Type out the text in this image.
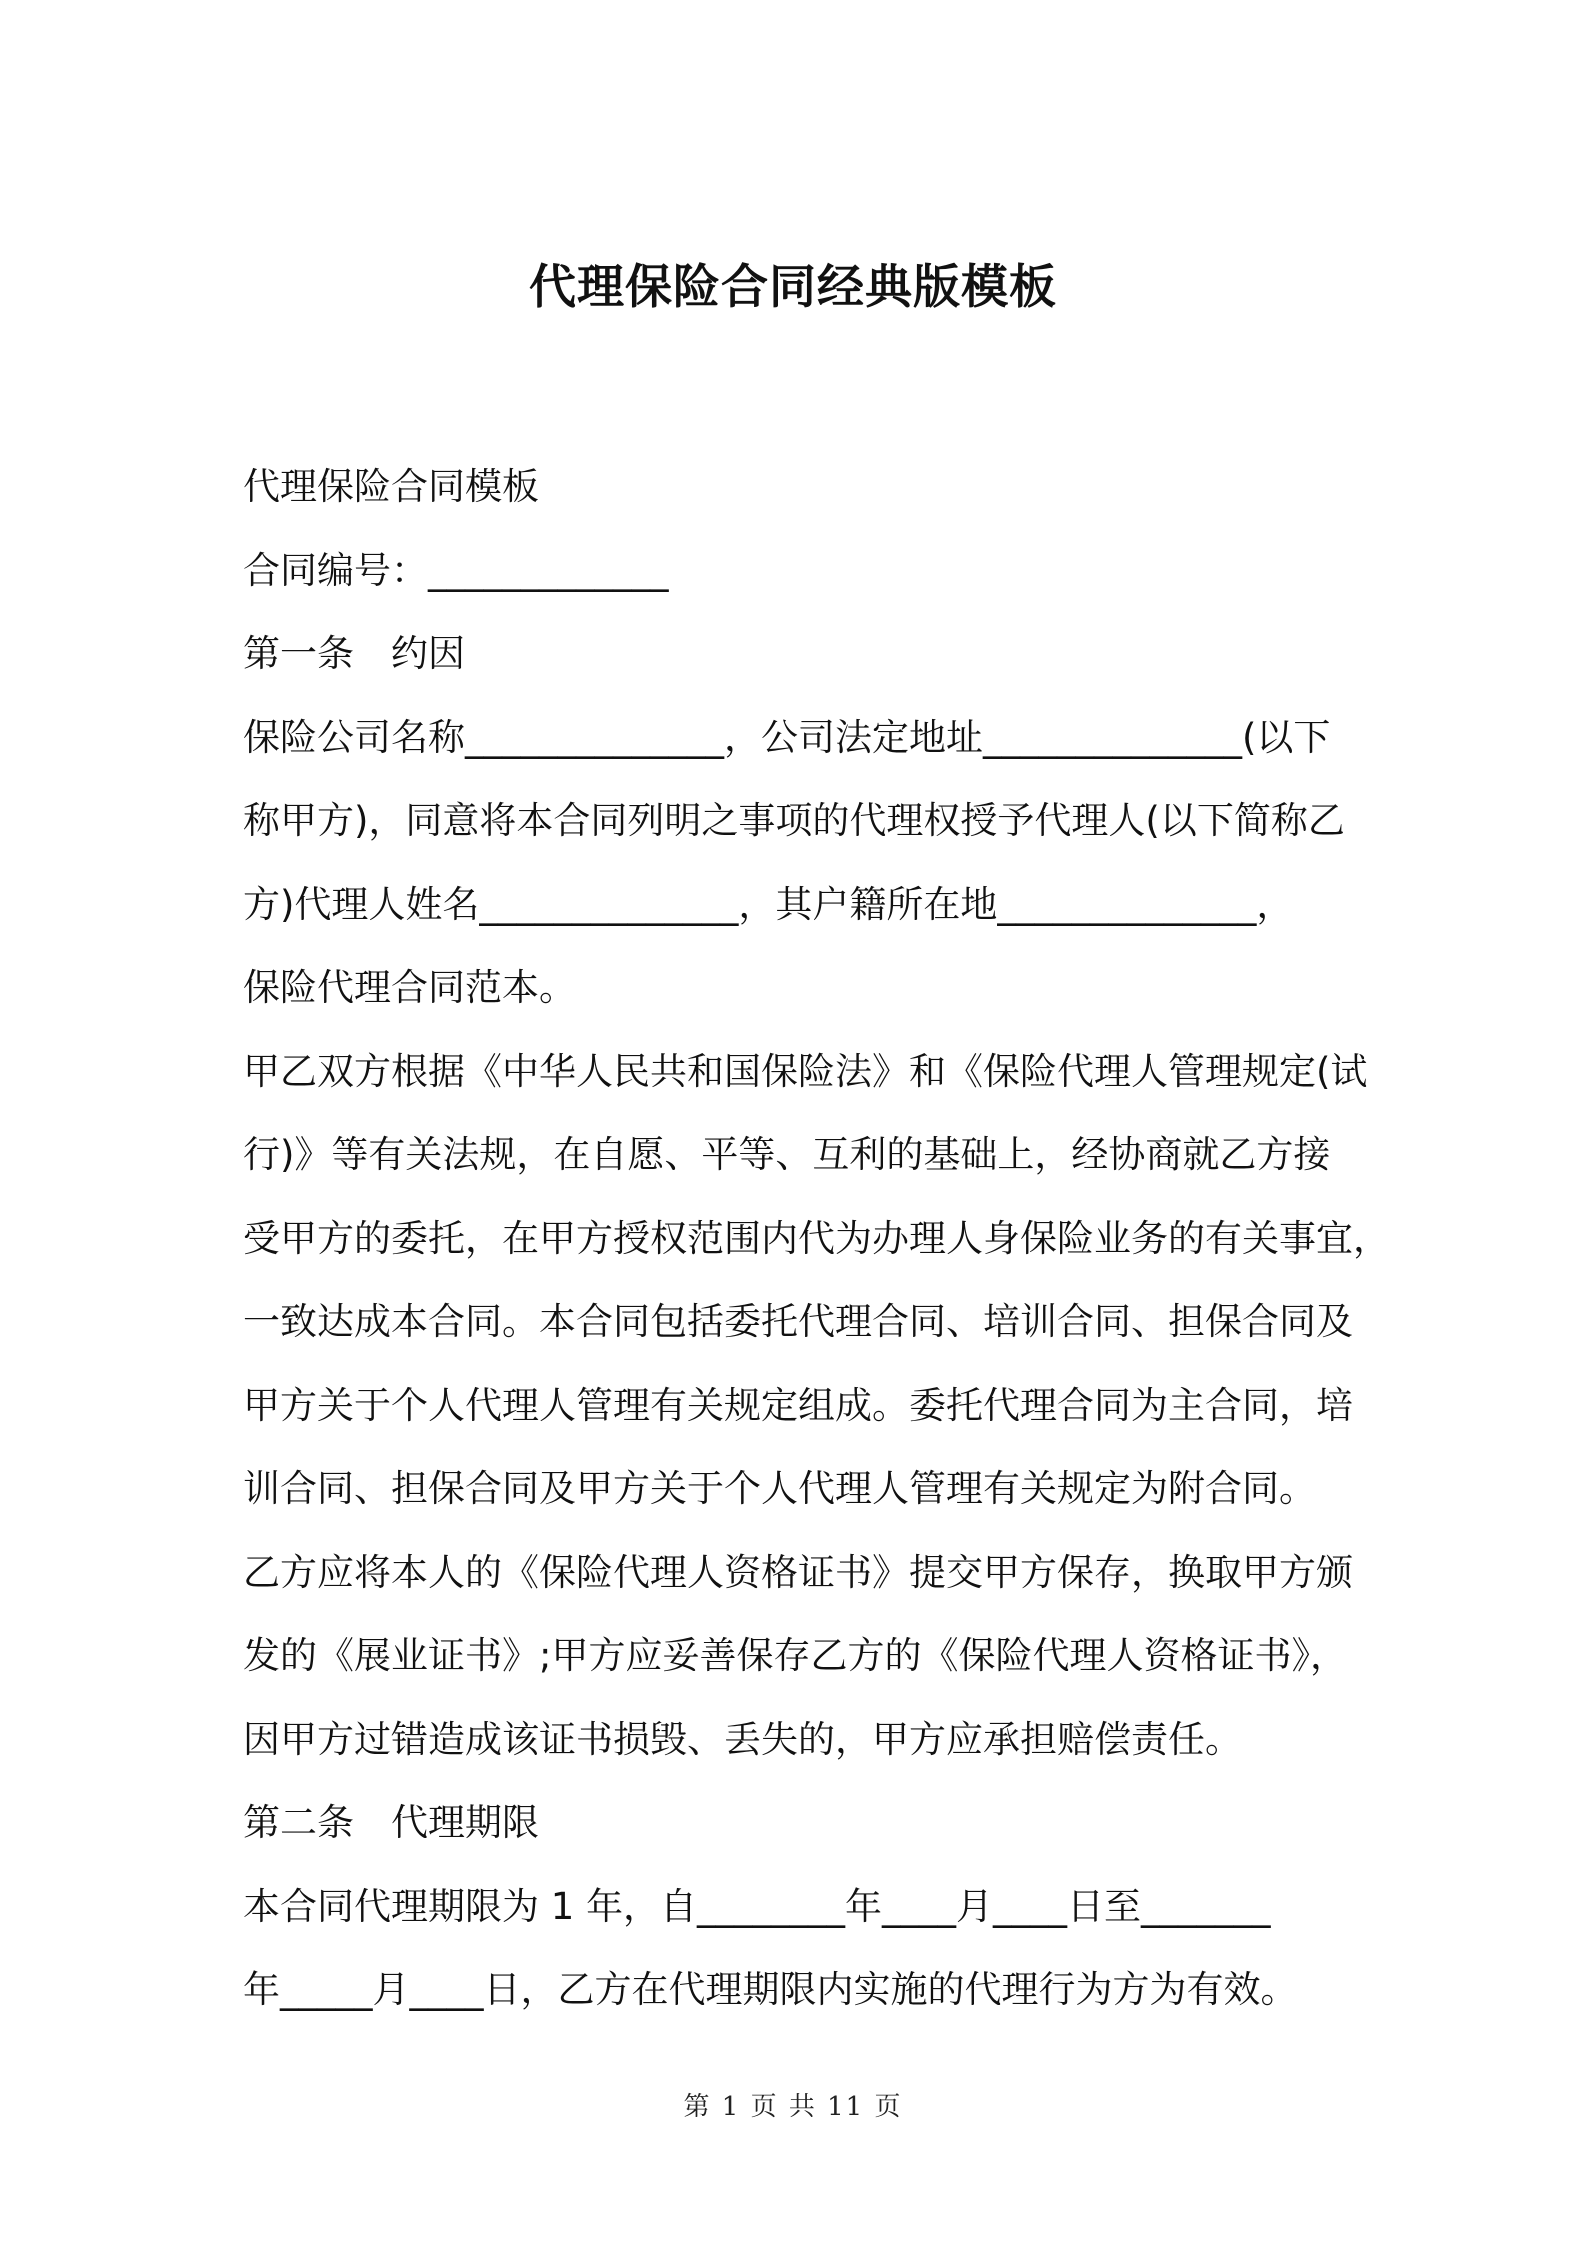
代理保险合同经典版模板
代理保险合同模板
合同编号：_____________
第一条　约因
保险公司名称______________，公司法定地址______________(以下
称甲方)，同意将本合同列明之事项的代理权授予代理人(以下简称乙
方)代理人姓名______________，其户籍所在地______________，
保险代理合同范本。
甲乙双方根据《中华人民共和国保险法》和《保险代理人管理规定(试
行)》等有关法规，在自愿、平等、互利的基础上，经协商就乙方接
受甲方的委托，在甲方授权范围内代为办理人身保险业务的有关事宜，
一致达成本合同。本合同包括委托代理合同、培训合同、担保合同及
甲方关于个人代理人管理有关规定组成。委托代理合同为主合同，培
训合同、担保合同及甲方关于个人代理人管理有关规定为附合同。
乙方应将本人的《保险代理人资格证书》提交甲方保存，换取甲方颁
发的《展业证书》;甲方应妥善保存乙方的《保险代理人资格证书》，
因甲方过错造成该证书损毁、丢失的，甲方应承担赔偿责任。
第二条　代理期限
本合同代理期限为 1 年，自________年____月____日至_______
年_____月____日，乙方在代理期限内实施的代理行为方为有效。
第 1 页 共 11 页
